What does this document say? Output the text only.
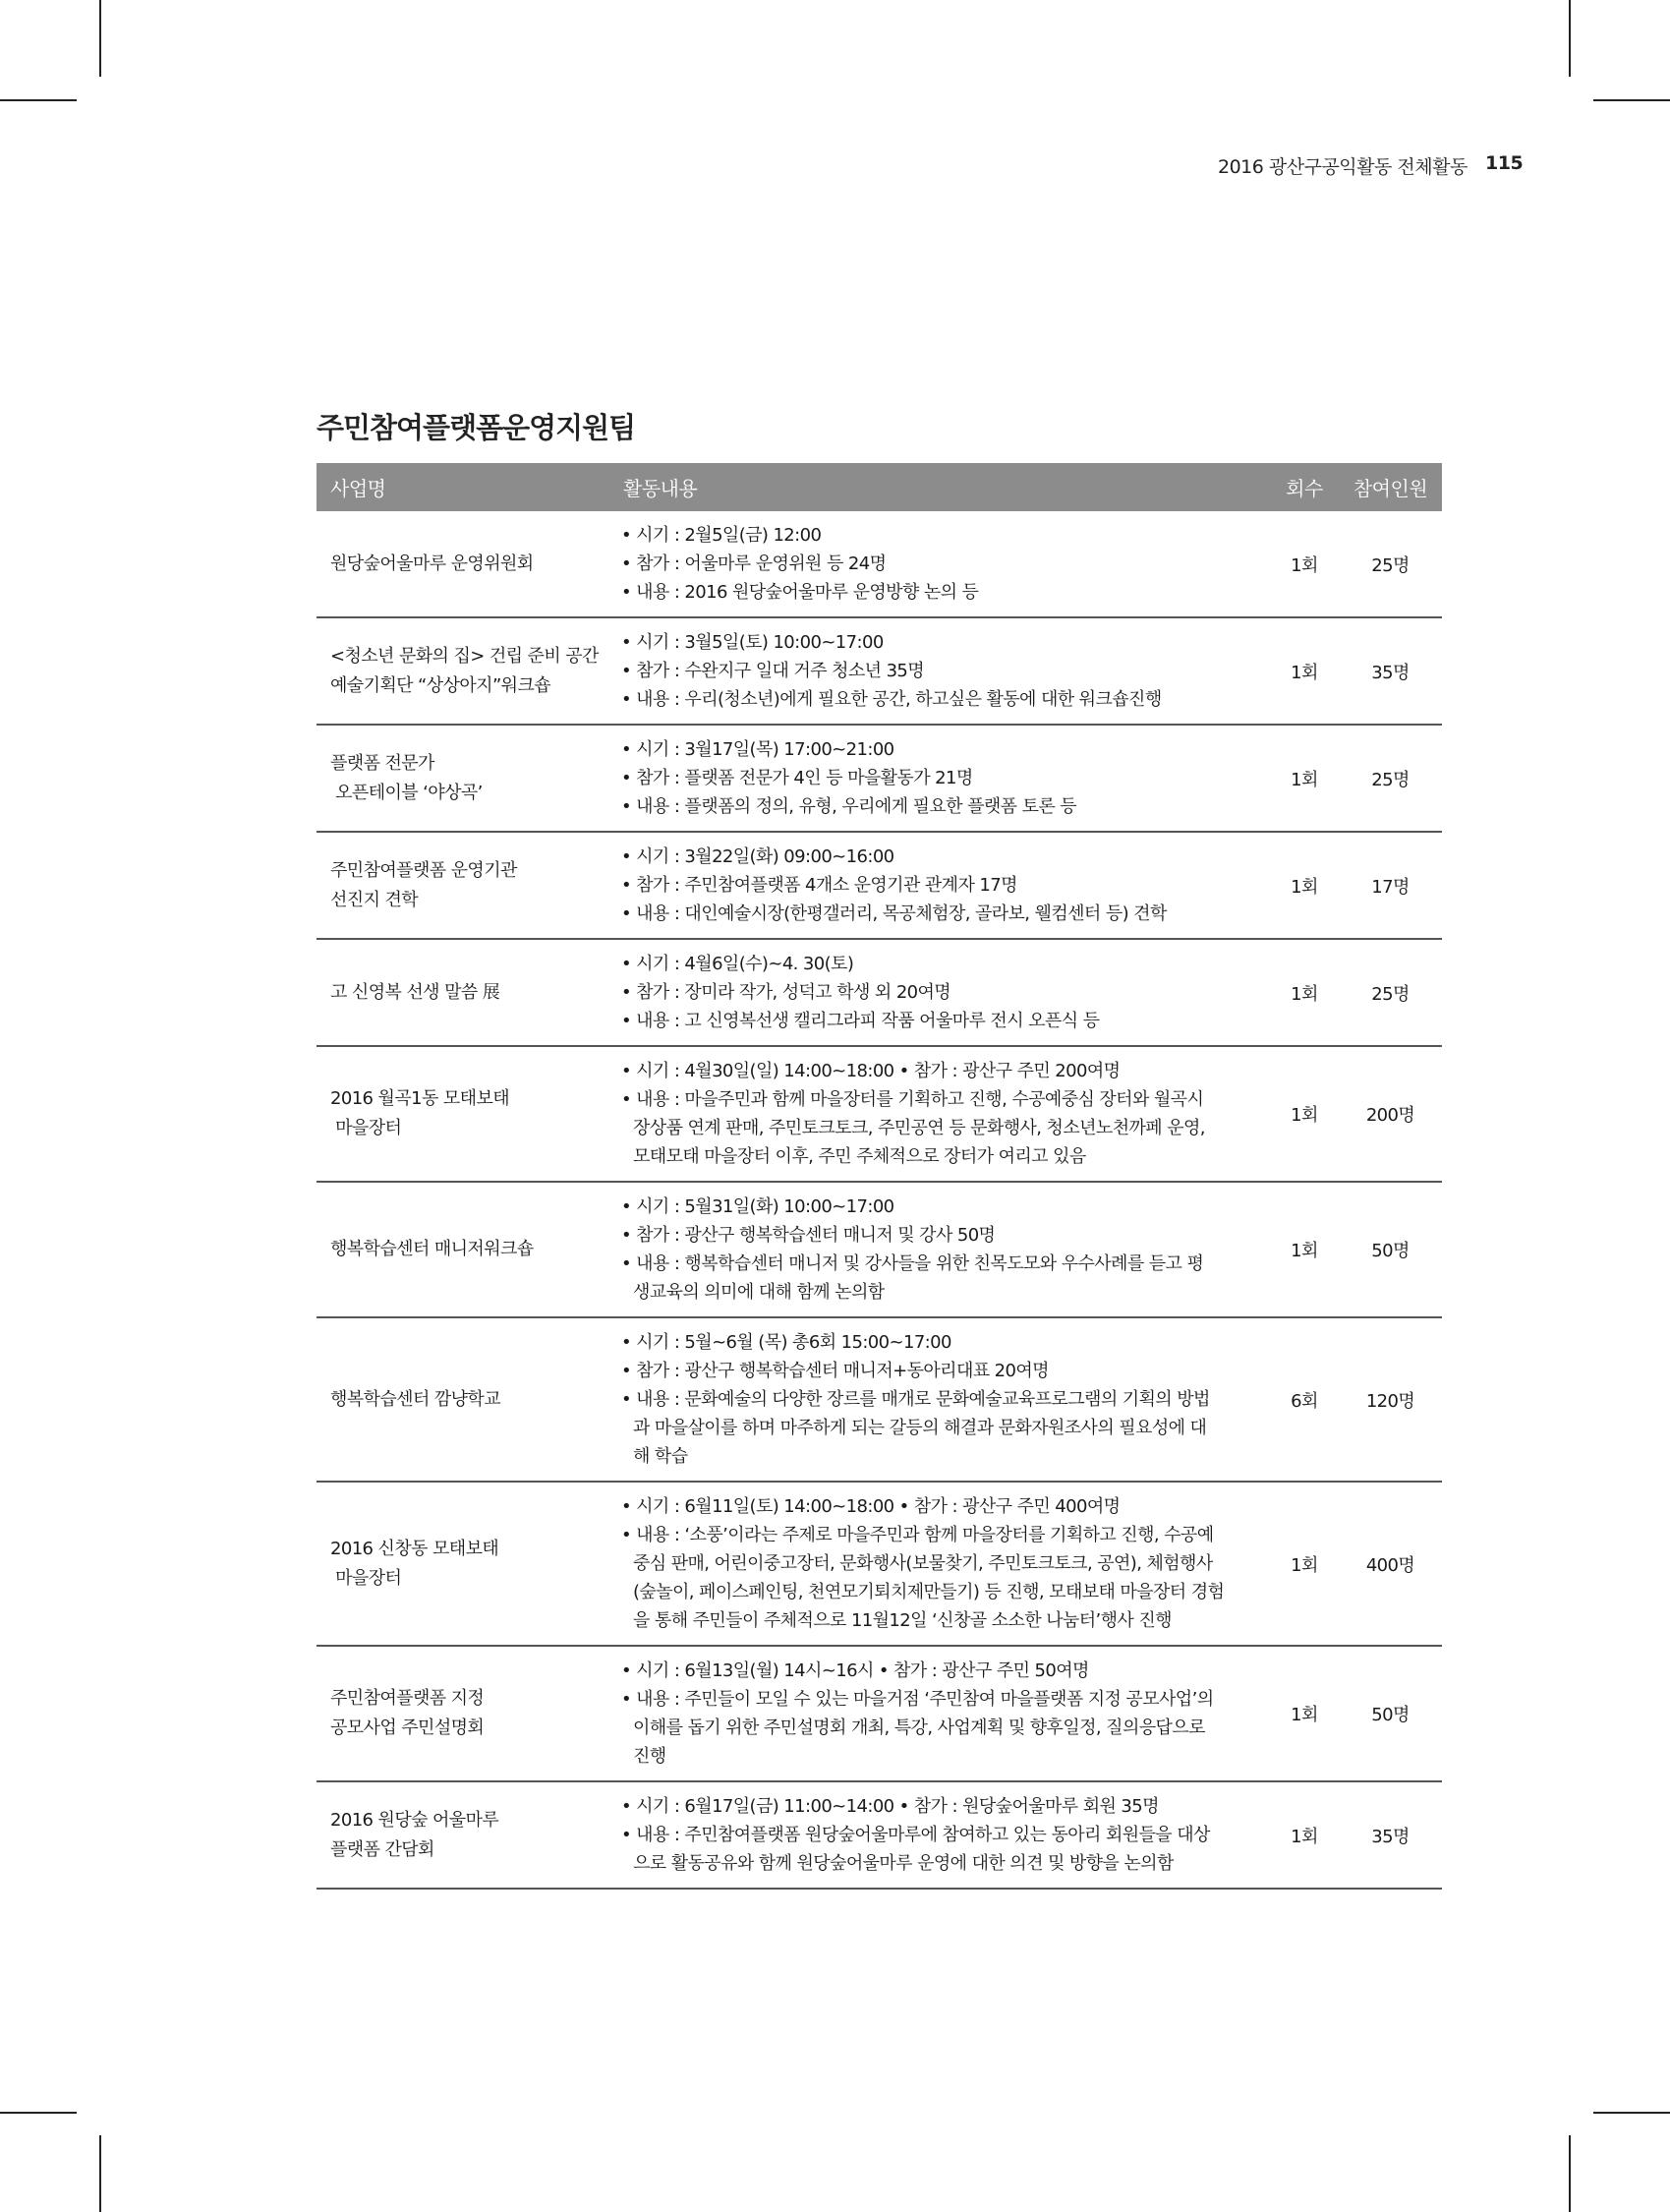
2016 광산구공익활동 전체활동 115
주민참여플랫폼운영지원팀
사업명	활동내용	회수	참여인원

원당숲어울마루 운영위원회	• 시기 : 2월5일(금) 12:00
• 참가 : 어울마루 운영위원 등 24명
• 내용 : 2016 원당숲어울마루 운영방향 논의 등	1회	25명

<청소년 문화의 집> 건립 준비 공간
예술기획단 “상상아지”워크숍	• 시기 : 3월5일(토) 10:00~17:00
• 참가 : 수완지구 일대 거주 청소년 35명
• 내용 : 우리(청소년)에게 필요한 공간, 하고싶은 활동에 대한 워크숍진행	1회	35명

플랫폼 전문가
오픈테이블 ‘야상곡’	• 시기 : 3월17일(목) 17:00~21:00
• 참가 : 플랫폼 전문가 4인 등 마을활동가 21명
• 내용 : 플랫폼의 정의, 유형, 우리에게 필요한 플랫폼 토론 등	1회	25명

주민참여플랫폼 운영기관
선진지 견학	• 시기 : 3월22일(화) 09:00~16:00
• 참가 : 주민참여플랫폼 4개소 운영기관 관계자 17명
• 내용 : 대인예술시장(한평갤러리, 목공체험장, 골라보, 웰컴센터 등) 견학	1회	17명

고 신영복 선생 말씀 展	• 시기 : 4월6일(수)~4. 30(토)
• 참가 : 장미라 작가, 성덕고 학생 외 20여명
• 내용 : 고 신영복선생 캘리그라피 작품 어울마루 전시 오픈식 등	1회	25명

2016 월곡1동 모태보태
마을장터	• 시기 : 4월30일(일) 14:00~18:00 • 참가 : 광산구 주민 200여명
• 내용 : 마을주민과 함께 마을장터를 기획하고 진행, 수공예중심 장터와 월곡시
장상품 연계 판매, 주민토크토크, 주민공연 등 문화행사, 청소년노천까페 운영,
모태모태 마을장터 이후, 주민 주체적으로 장터가 여리고 있음	1회	200명

행복학습센터 매니저워크숍	• 시기 : 5월31일(화) 10:00~17:00
• 참가 : 광산구 행복학습센터 매니저 및 강사 50명
• 내용 : 행복학습센터 매니저 및 강사들을 위한 친목도모와 우수사례를 듣고 평
생교육의 의미에 대해 함께 논의함	1회	50명

행복학습센터 깜냥학교	• 시기 : 5월~6월 (목) 총6회 15:00~17:00
• 참가 : 광산구 행복학습센터 매니저+동아리대표 20여명
• 내용 : 문화예술의 다양한 장르를 매개로 문화예술교육프로그램의 기획의 방법
과 마을살이를 하며 마주하게 되는 갈등의 해결과 문화자원조사의 필요성에 대
해 학습	6회	120명

2016 신창동 모태보태
마을장터	• 시기 : 6월11일(토) 14:00~18:00 • 참가 : 광산구 주민 400여명
• 내용 : ‘소풍’이라는 주제로 마을주민과 함께 마을장터를 기획하고 진행, 수공예
중심 판매, 어린이중고장터, 문화행사(보물찾기, 주민토크토크, 공연), 체험행사
(숲놀이, 페이스페인팅, 천연모기퇴치제만들기) 등 진행, 모태보태 마을장터 경험
을 통해 주민들이 주체적으로 11월12일 ‘신창골 소소한 나눔터’행사 진행	1회	400명

주민참여플랫폼 지정
공모사업 주민설명회	• 시기 : 6월13일(월) 14시~16시 • 참가 : 광산구 주민 50여명
• 내용 : 주민들이 모일 수 있는 마을거점 ‘주민참여 마을플랫폼 지정 공모사업’의
이해를 돕기 위한 주민설명회 개최, 특강, 사업계획 및 향후일정, 질의응답으로
진행	1회	50명

2016 원당숲 어울마루
플랫폼 간담회	• 시기 : 6월17일(금) 11:00~14:00 • 참가 : 원당숲어울마루 회원 35명
• 내용 : 주민참여플랫폼 원당숲어울마루에 참여하고 있는 동아리 회원들을 대상
으로 활동공유와 함께 원당숲어울마루 운영에 대한 의견 및 방향을 논의함	1회	35명
